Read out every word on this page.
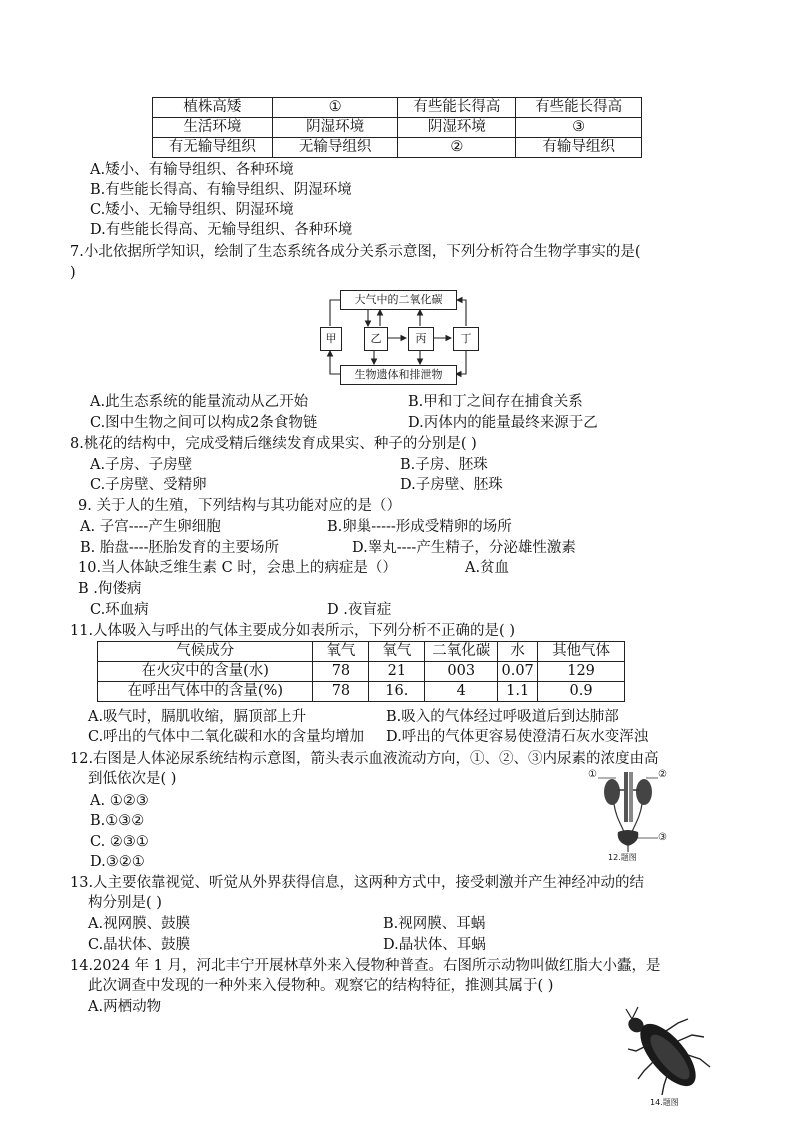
植株高矮	①	有些能长得高	有些能长得高
生活环境	阴湿环境	阴湿环境	③
有无输导组织	无输导组织	②	有输导组织
A.矮小、有输导组织、各种环境
B.有些能长得高、有输导组织、阴湿环境
C.矮小、无输导组织、阴湿环境
D.有些能长得高、无输导组织、各种环境
7.小北依据所学知识，绘制了生态系统各成分关系示意图，下列分析符合生物学事实的是(
)
大气中的二氧化碳
甲	乙	丙	丁
生物遗体和排泄物
A.此生态系统的能量流动从乙开始	B.甲和丁之间存在捕食关系
C.图中生物之间可以构成2条食物链	D.丙体内的能量最终来源于乙
8.桃花的结构中，完成受精后继续发育成果实、种子的分别是( )
A.子房、子房壁	B.子房、胚珠
C.子房壁、受精卵	D.子房壁、胚珠
9. 关于人的生殖，下列结构与其功能对应的是（）
A. 子宫----产生卵细胞	B.卵巢-----形成受精卵的场所
B. 胎盘----胚胎发育的主要场所	D.睾丸----产生精子，分泌雄性激素
10.当人体缺乏维生素 C 时，会患上的病症是（）	A.贫血
B .佝偻病
C.环血病	D .夜盲症
11.人体吸入与呼出的气体主要成分如表所示，下列分析不正确的是( )
气候成分	氧气	氧气	二氧化碳	水	其他气体
在火灾中的含量(水)	78	21	003	0.07	129
在呼出气体中的含量(%)	78	16.	4	1.1	0.9
A.吸气时，膈肌收缩，膈顶部上升	B.吸入的气体经过呼吸道后到达肺部
C.呼出的气体中二氧化碳和水的含量均增加 D.呼出的气体更容易使澄清石灰水变浑浊
12.右图是人体泌尿系统结构示意图，箭头表示血液流动方向，①、②、③内尿素的浓度由高
到低依次是( )
A. ①②③
B.①③②
C. ②③①
D.③②①
①	②
③
12.题图
13.人主要依靠视觉、听觉从外界获得信息，这两种方式中，接受刺激并产生神经冲动的结
构分别是( )
A.视网膜、鼓膜	B.视网膜、耳蜗
C.晶状体、鼓膜	D.晶状体、耳蜗
14.2024 年 1 月，河北丰宁开展林草外来入侵物种普查。右图所示动物叫做红脂大小蠹，是
此次调查中发现的一种外来入侵物种。观察它的结构特征，推测其属于( )
A.两栖动物
14.题图
